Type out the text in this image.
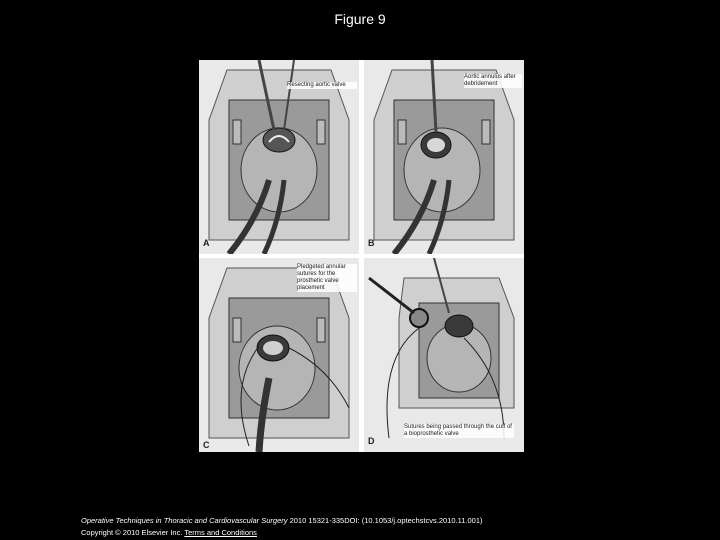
Figure 9
Resecting aortic valve
A
Aortic annulus after debridement
B
Pledgeted annular sutures for the prosthetic valve placement
C
Sutures being passed through the cuff of a bioprosthetic valve
D
Operative Techniques in Thoracic and Cardiovascular Surgery 2010 15321-335DOI: (10.1053/j.optechstcvs.2010.11.001)
Copyright © 2010 Elsevier Inc. Terms and Conditions
